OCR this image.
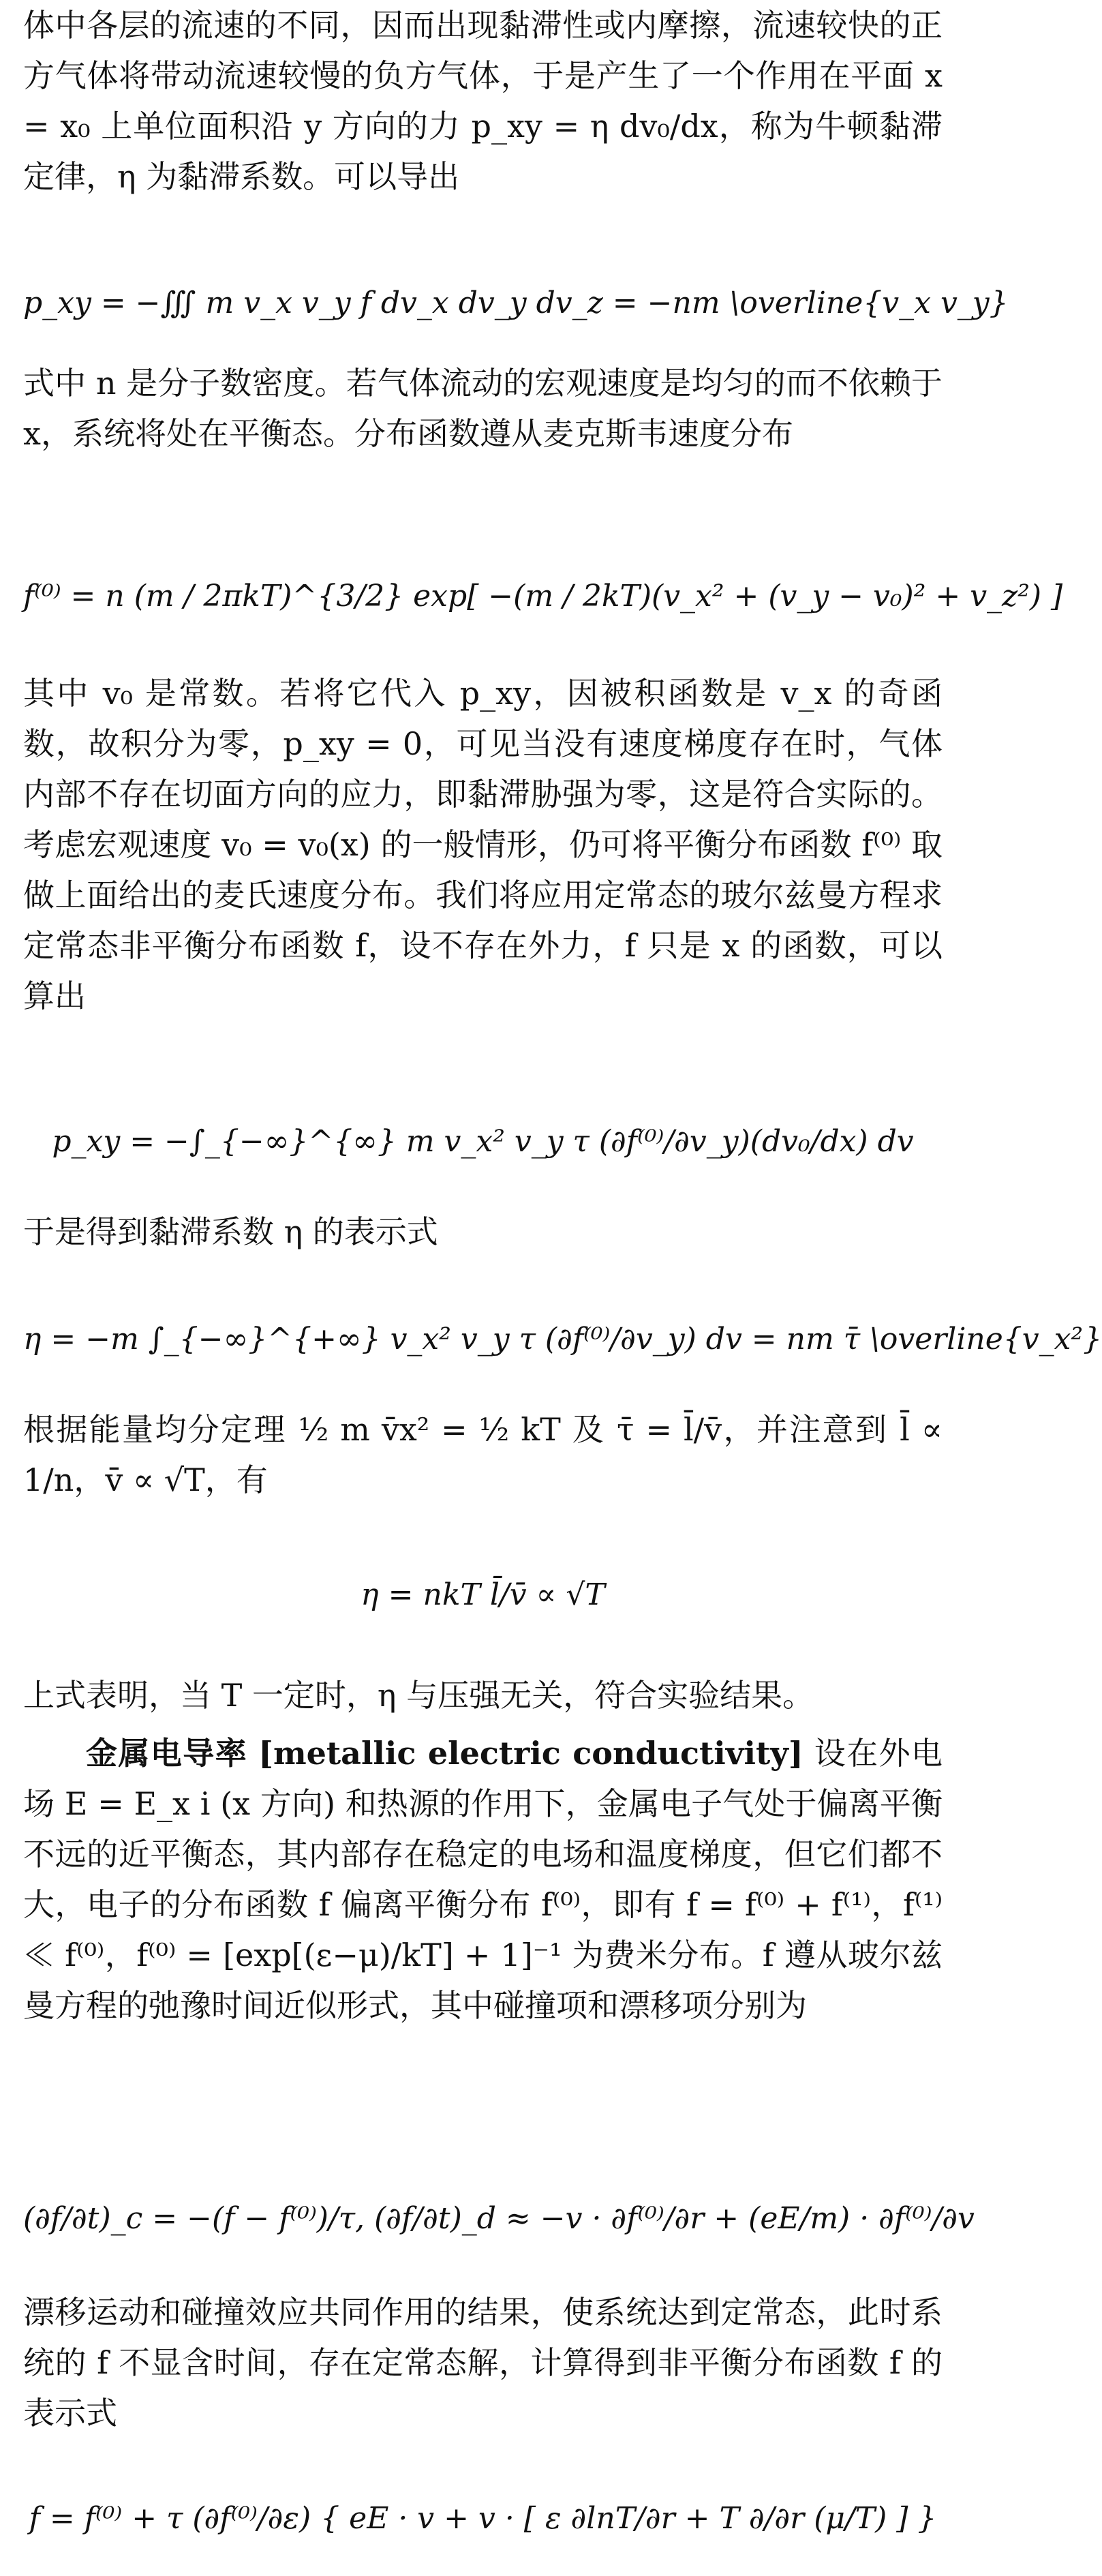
体中各层的流速的不同，因而出现黏滞性或内摩擦，流速较快的正方气体将带动流速较慢的负方气体，于是产生了一个作用在平面 x = x₀ 上单位面积沿 y 方向的力 p_xy = η dv₀/dx，称为牛顿黏滞定律，η 为黏滞系数。可以导出

p_xy = −∭ m v_x v_y f dv_x dv_y dv_z = −nm \overline{v_x v_y}

式中 n 是分子数密度。若气体流动的宏观速度是均匀的而不依赖于 x，系统将处在平衡态。分布函数遵从麦克斯韦速度分布

f⁽⁰⁾ = n (m / 2πkT)^{3/2} exp[ −(m / 2kT)(v_x² + (v_y − v₀)² + v_z²) ]

其中 v₀ 是常数。若将它代入 p_xy，因被积函数是 v_x 的奇函数，故积分为零，p_xy = 0，可见当没有速度梯度存在时，气体内部不存在切面方向的应力，即黏滞胁强为零，这是符合实际的。考虑宏观速度 v₀ = v₀(x) 的一般情形，仍可将平衡分布函数 f⁽⁰⁾ 取做上面给出的麦氏速度分布。我们将应用定常态的玻尔兹曼方程求定常态非平衡分布函数 f，设不存在外力，f 只是 x 的函数，可以算出

p_xy = −∫_{−∞}^{∞} m v_x² v_y τ (∂f⁽⁰⁾/∂v_y)(dv₀/dx) dv

于是得到黏滞系数 η 的表示式

η = −m ∫_{−∞}^{+∞} v_x² v_y τ (∂f⁽⁰⁾/∂v_y) dv = nm τ̄ \overline{v_x²}

根据能量均分定理 ½ m v̄x² = ½ kT 及 τ̄ = l̄/v̄，并注意到 l̄ ∝ 1/n，v̄ ∝ √T，有

η = nkT l̄/v̄ ∝ √T

上式表明，当 T 一定时，η 与压强无关，符合实验结果。

金属电导率 [metallic electric conductivity] 设在外电场 E = E_x i (x 方向) 和热源的作用下，金属电子气处于偏离平衡不远的近平衡态，其内部存在稳定的电场和温度梯度，但它们都不大，电子的分布函数 f 偏离平衡分布 f⁽⁰⁾，即有 f = f⁽⁰⁾ + f⁽¹⁾，f⁽¹⁾ ≪ f⁽⁰⁾，f⁽⁰⁾ = [exp[(ε−μ)/kT] + 1]⁻¹ 为费米分布。f 遵从玻尔兹曼方程的弛豫时间近似形式，其中碰撞项和漂移项分别为

(∂f/∂t)_c = −(f − f⁽⁰⁾)/τ, (∂f/∂t)_d ≈ −v · ∂f⁽⁰⁾/∂r + (eE/m) · ∂f⁽⁰⁾/∂v

漂移运动和碰撞效应共同作用的结果，使系统达到定常态，此时系统的 f 不显含时间，存在定常态解，计算得到非平衡分布函数 f 的表示式

f = f⁽⁰⁾ + τ (∂f⁽⁰⁾/∂ε) { eE · v + v · [ ε ∂lnT/∂r + T ∂/∂r (μ/T) ] }
